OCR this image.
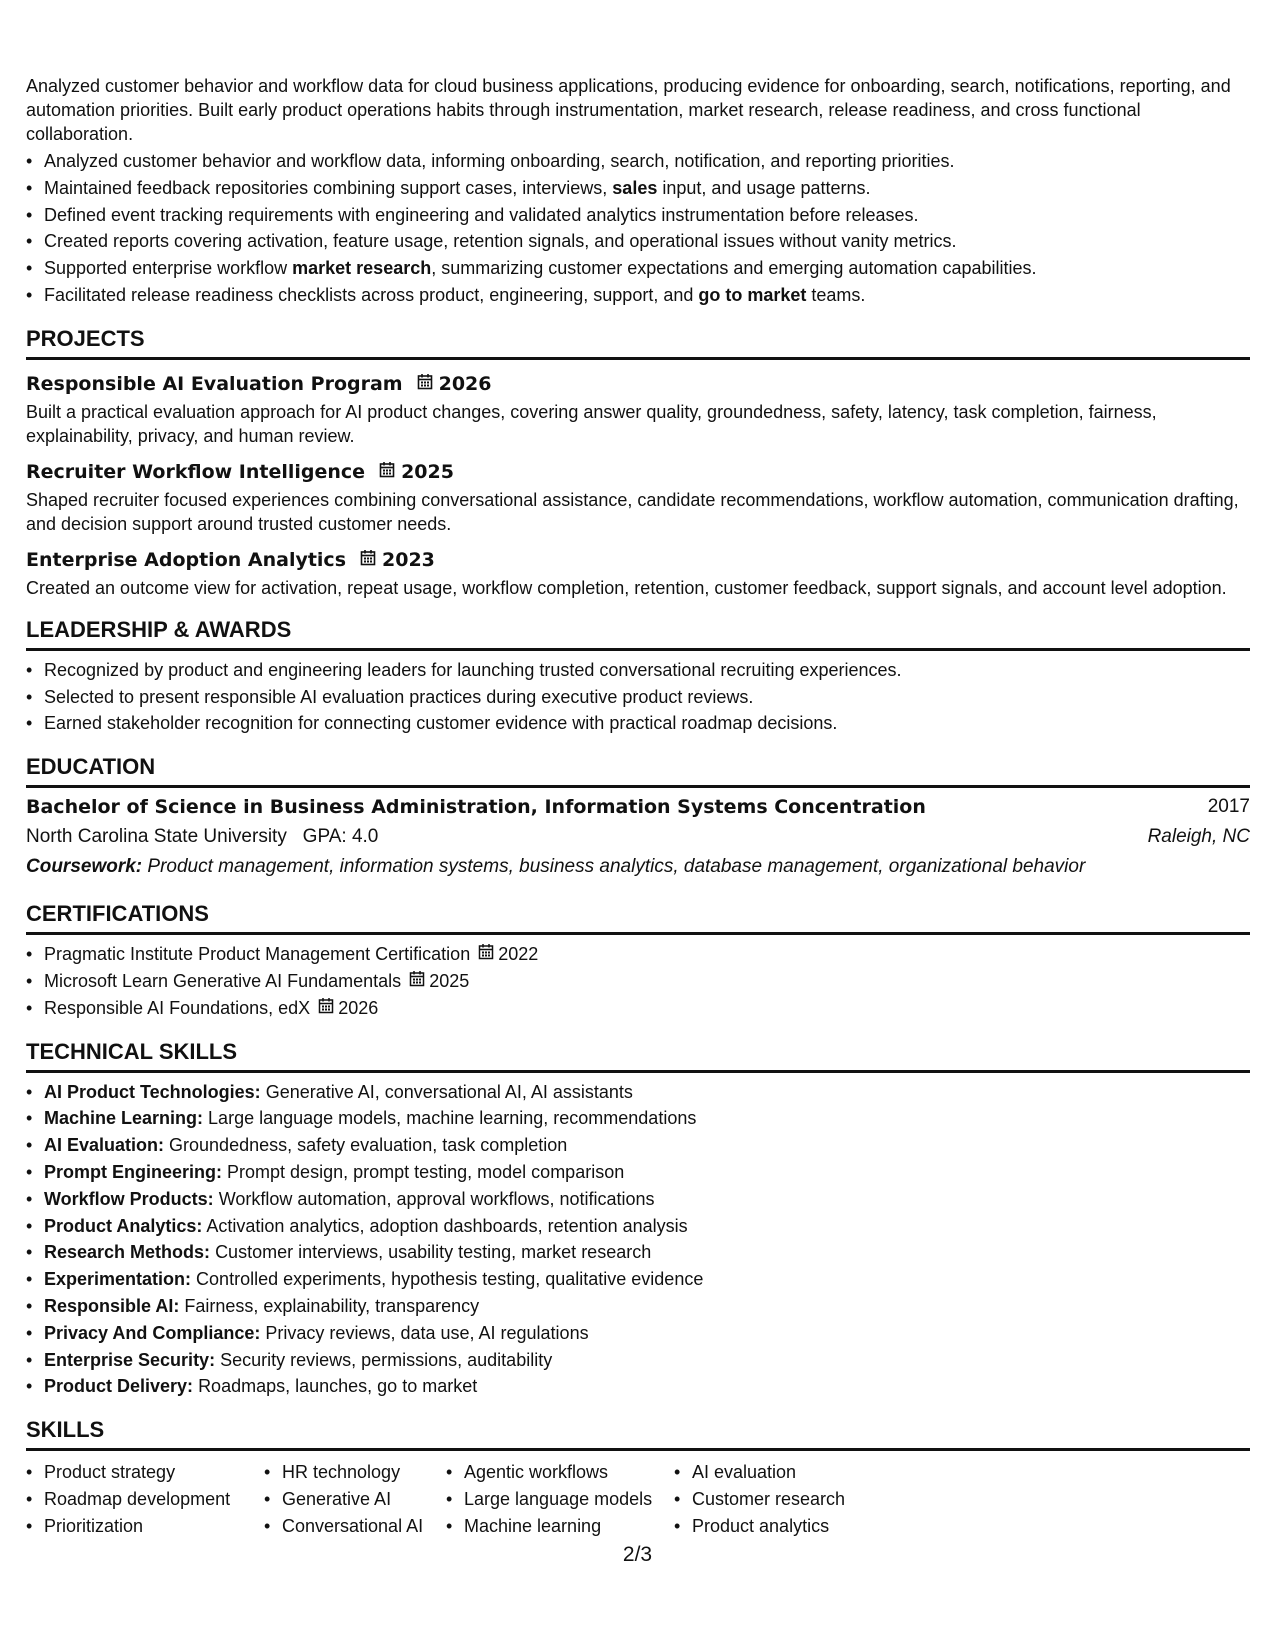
Analyzed customer behavior and workflow data for cloud business applications, producing evidence for onboarding, search, notifications, reporting, and automation priorities. Built early product operations habits through instrumentation, market research, release readiness, and cross functional collaboration.
• Analyzed customer behavior and workflow data, informing onboarding, search, notification, and reporting priorities.
• Maintained feedback repositories combining support cases, interviews, sales input, and usage patterns.
• Defined event tracking requirements with engineering and validated analytics instrumentation before releases.
• Created reports covering activation, feature usage, retention signals, and operational issues without vanity metrics.
• Supported enterprise workflow market research, summarizing customer expectations and emerging automation capabilities.
• Facilitated release readiness checklists across product, engineering, support, and go to market teams.
PROJECTS
Responsible AI Evaluation Program 2026
Built a practical evaluation approach for AI product changes, covering answer quality, groundedness, safety, latency, task completion, fairness, explainability, privacy, and human review.
Recruiter Workflow Intelligence 2025
Shaped recruiter focused experiences combining conversational assistance, candidate recommendations, workflow automation, communication drafting, and decision support around trusted customer needs.
Enterprise Adoption Analytics 2023
Created an outcome view for activation, repeat usage, workflow completion, retention, customer feedback, support signals, and account level adoption.
LEADERSHIP & AWARDS
• Recognized by product and engineering leaders for launching trusted conversational recruiting experiences.
• Selected to present responsible AI evaluation practices during executive product reviews.
• Earned stakeholder recognition for connecting customer evidence with practical roadmap decisions.
EDUCATION
Bachelor of Science in Business Administration, Information Systems Concentration	2017
North Carolina State University GPA: 4.0	Raleigh, NC
Coursework: Product management, information systems, business analytics, database management, organizational behavior
CERTIFICATIONS
• Pragmatic Institute Product Management Certification 2022
• Microsoft Learn Generative AI Fundamentals 2025
• Responsible AI Foundations, edX 2026
TECHNICAL SKILLS
• AI Product Technologies: Generative AI, conversational AI, AI assistants
• Machine Learning: Large language models, machine learning, recommendations
• AI Evaluation: Groundedness, safety evaluation, task completion
• Prompt Engineering: Prompt design, prompt testing, model comparison
• Workflow Products: Workflow automation, approval workflows, notifications
• Product Analytics: Activation analytics, adoption dashboards, retention analysis
• Research Methods: Customer interviews, usability testing, market research
• Experimentation: Controlled experiments, hypothesis testing, qualitative evidence
• Responsible AI: Fairness, explainability, transparency
• Privacy And Compliance: Privacy reviews, data use, AI regulations
• Enterprise Security: Security reviews, permissions, auditability
• Product Delivery: Roadmaps, launches, go to market
SKILLS
• Product strategy
• Roadmap development
• Prioritization
• HR technology
• Generative AI
• Conversational AI
• Agentic workflows
• Large language models
• Machine learning
• AI evaluation
• Customer research
• Product analytics
2/3
